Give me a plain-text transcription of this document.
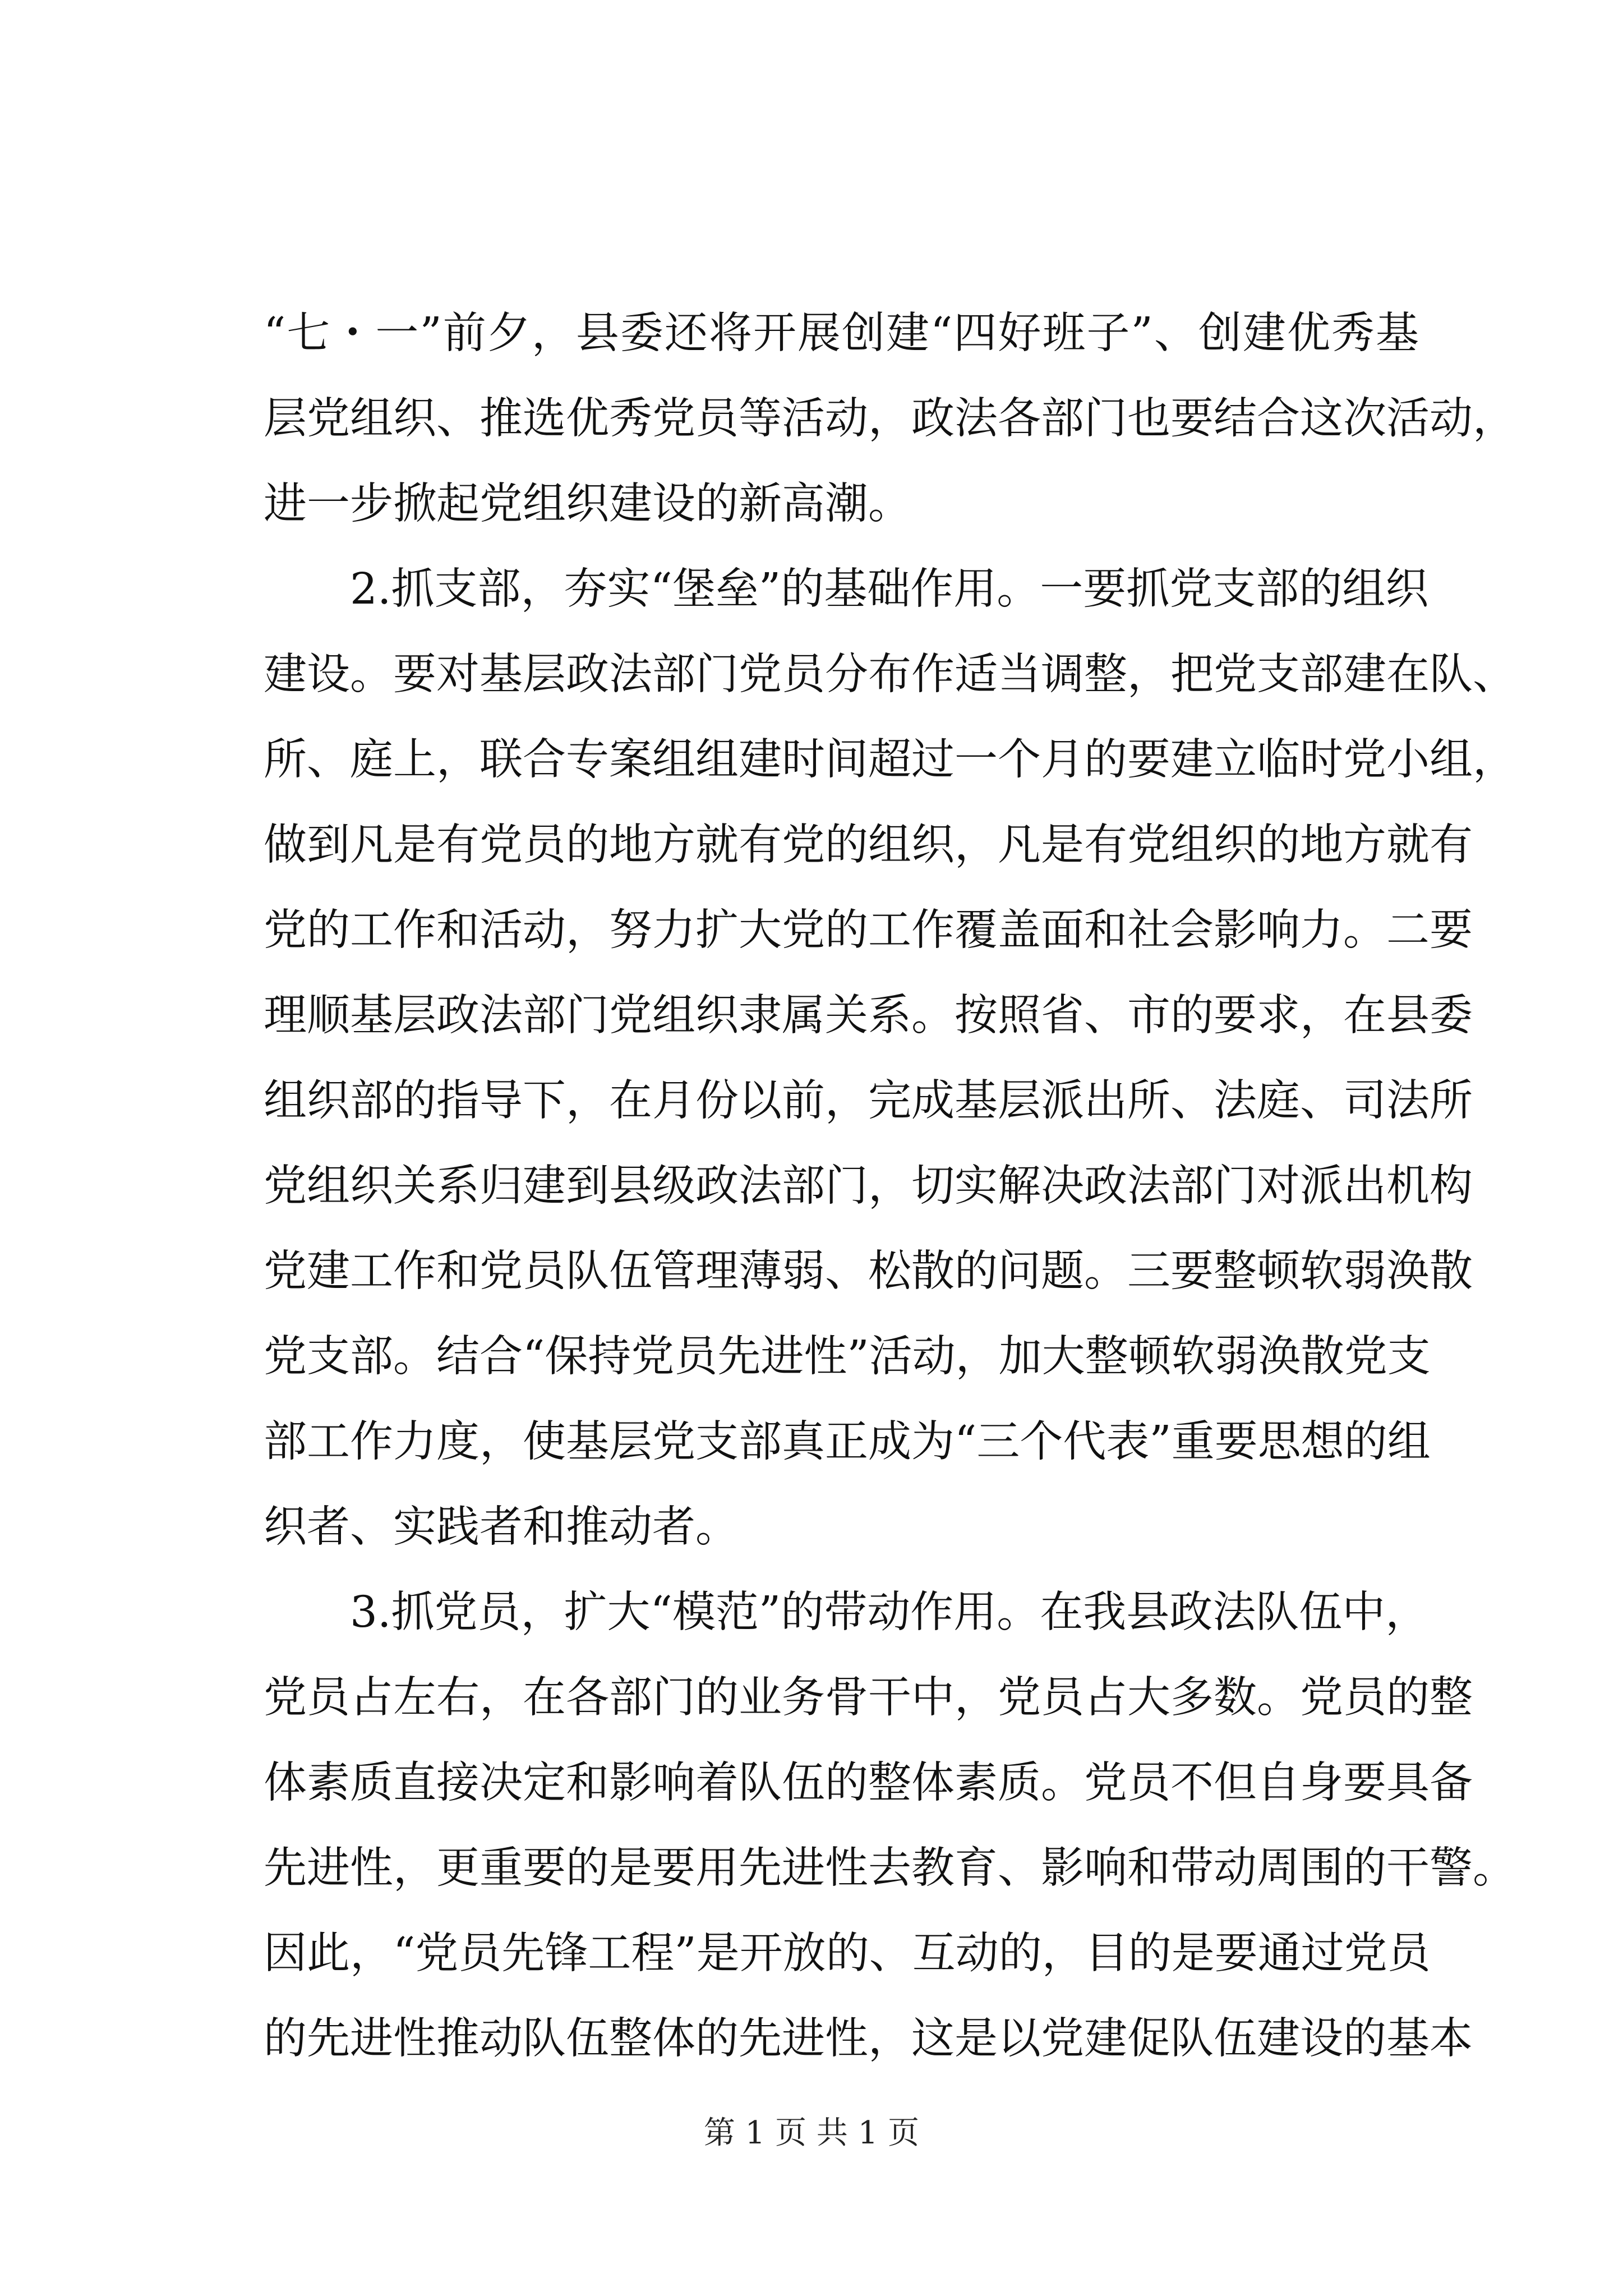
“七・一”前夕，县委还将开展创建“四好班子”、创建优秀基
层党组织、推选优秀党员等活动，政法各部门也要结合这次活动，
进一步掀起党组织建设的新高潮。
　　2.抓支部，夯实“堡垒”的基础作用。一要抓党支部的组织
建设。要对基层政法部门党员分布作适当调整，把党支部建在队、
所、庭上，联合专案组组建时间超过一个月的要建立临时党小组，
做到凡是有党员的地方就有党的组织，凡是有党组织的地方就有
党的工作和活动，努力扩大党的工作覆盖面和社会影响力。二要
理顺基层政法部门党组织隶属关系。按照省、市的要求，在县委
组织部的指导下，在月份以前，完成基层派出所、法庭、司法所
党组织关系归建到县级政法部门，切实解决政法部门对派出机构
党建工作和党员队伍管理薄弱、松散的问题。三要整顿软弱涣散
党支部。结合“保持党员先进性”活动，加大整顿软弱涣散党支
部工作力度，使基层党支部真正成为“三个代表”重要思想的组
织者、实践者和推动者。
　　3.抓党员，扩大“模范”的带动作用。在我县政法队伍中，
党员占左右，在各部门的业务骨干中，党员占大多数。党员的整
体素质直接决定和影响着队伍的整体素质。党员不但自身要具备
先进性，更重要的是要用先进性去教育、影响和带动周围的干警。
因此，“党员先锋工程”是开放的、互动的，目的是要通过党员
的先进性推动队伍整体的先进性，这是以党建促队伍建设的基本
第 1 页 共 1 页
